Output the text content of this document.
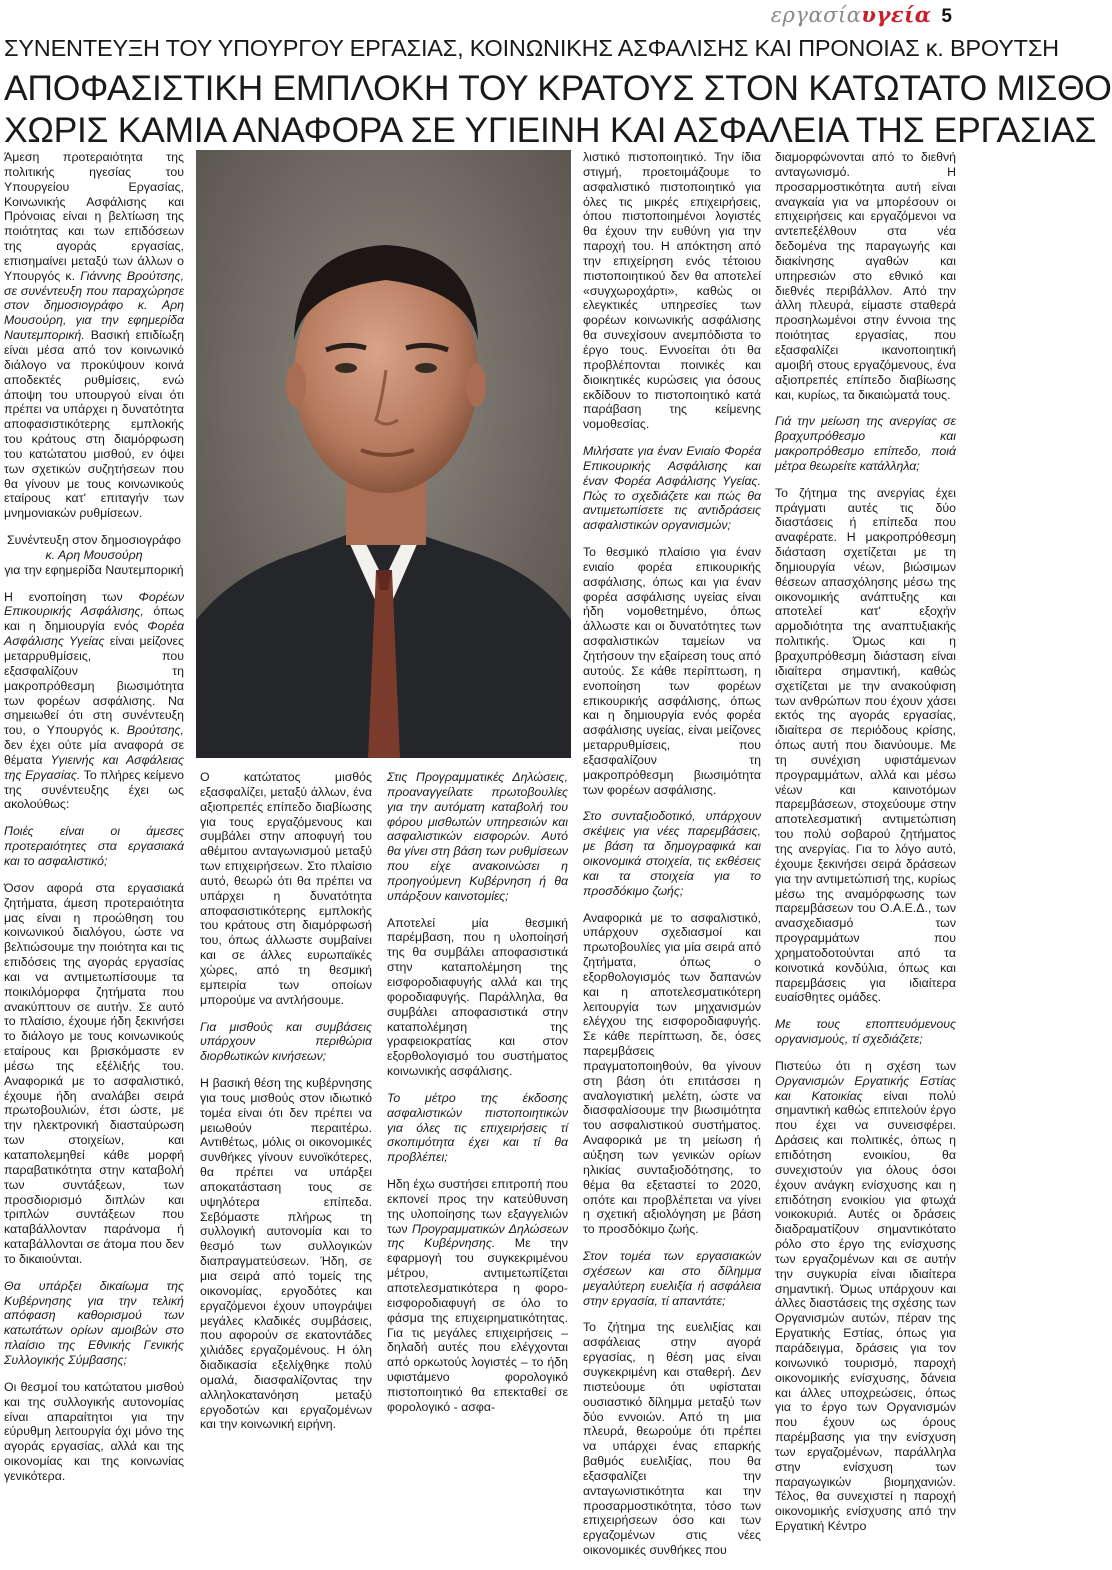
εργασίαυγεία 5
ΣΥΝΕΝΤΕΥΞΗ ΤΟΥ ΥΠΟΥΡΓΟΥ ΕΡΓΑΣΙΑΣ, ΚΟΙΝΩΝΙΚΗΣ ΑΣΦΑΛΙΣΗΣ ΚΑΙ ΠΡΟΝΟΙΑΣ κ. ΒΡΟΥΤΣΗ
ΑΠΟΦΑΣΙΣΤΙΚΗ ΕΜΠΛΟΚΗ ΤΟΥ ΚΡΑΤΟΥΣ ΣΤΟΝ ΚΑΤΩΤΑΤΟ ΜΙΣΘΟ
ΧΩΡΙΣ ΚΑΜΙΑ ΑΝΑΦΟΡΑ ΣΕ ΥΓΙΕΙΝΗ ΚΑΙ ΑΣΦΑΛΕΙΑ ΤΗΣ ΕΡΓΑΣΙΑΣ

Άμεση προτεραιότητα της πολιτικής ηγεσίας του Υπουργείου Εργασίας, Κοινωνικής Ασφάλισης και Πρόνοιας είναι η βελτίωση της ποιότητας και των επιδόσεων της αγοράς εργασίας, επισημαίνει μεταξύ των άλλων ο Υπουργός κ. Γιάννης Βρούτσης, σε συνέντευξη που παραχώρησε στον δημοσιογράφο κ. Αρη Μουσούρη, για την εφημερίδα Ναυτεμπορική. Βασική επιδίωξη είναι μέσα από τον κοινωνικό διάλογο να προκύψουν κοινά αποδεκτές ρυθμίσεις, ενώ άποψη του υπουργού είναι ότι πρέπει να υπάρχει η δυνατότητα αποφασιστικότερης εμπλοκής του κράτους στη διαμόρφωση του κατώτατου μισθού, εν όψει των σχετικών συζητήσεων που θα γίνουν με τους κοινωνικούς εταίρους κατ' επιταγήν των μνημονιακών ρυθμίσεων.

Συνέντευξη στον δημοσιογράφο
κ. Αρη Μουσούρη
για την εφημερίδα Ναυτεμπορική

Η ενοποίηση των Φορέων Επικουρικής Ασφάλισης, όπως και η δημιουργία ενός Φορέα Ασφάλισης Υγείας είναι μείζονες μεταρρυθμίσεις, που εξασφαλίζουν τη μακροπρόθεσμη βιωσιμότητα των φορέων ασφάλισης. Να σημειωθεί ότι στη συνέντευξη του, ο Υπουργός κ. Βρούτσης, δεν έχει ούτε μία αναφορά σε θέματα Υγιεινής και Ασφάλειας της Εργασίας. Το πλήρες κείμενο της συνέντευξης έχει ως ακολούθως:

Ποιές είναι οι άμεσες προτεραιότητες στα εργασιακά και το ασφαλιστικό;

Όσον αφορά στα εργασιακά ζητήματα, άμεση προτεραιότητα μας είναι η προώθηση του κοινωνικού διαλόγου, ώστε να βελτιώσουμε την ποιότητα και τις επιδόσεις της αγοράς εργασίας και να αντιμετωπίσουμε τα ποικιλόμορφα ζητήματα που ανακύπτουν σε αυτήν. Σε αυτό το πλαίσιο, έχουμε ήδη ξεκινήσει το διάλογο με τους κοινωνικούς εταίρους και βρισκόμαστε εν μέσω της εξέλιξής του. Αναφορικά με το ασφαλιστικό, έχουμε ήδη αναλάβει σειρά πρωτοβουλιών, έτσι ώστε, με την ηλεκτρονική διασταύρωση των στοιχείων, και καταπολεμηθεί κάθε μορφή παραβατικότητα στην καταβολή των συντάξεων, των προσδιορισμό διπλών και τριπλών συντάξεων που καταβάλλονταν παράνομα ή καταβάλλονται σε άτομα που δεν το δικαιούνται.

Θα υπάρξει δικαίωμα της Κυβέρνησης για την τελική απόφαση καθορισμού των κατωτάτων ορίων αμοιβών στο πλαίσιο της Εθνικής Γενικής Συλλογικής Σύμβασης;

Οι θεσμοί του κατώτατου μισθού και της συλλογικής αυτονομίας είναι απαραίτητοι για την εύρυθμη λειτουργία όχι μόνο της αγοράς εργασίας, αλλά και της οικονομίας και της κοινωνίας γενικότερα.

Ο κατώτατος μισθός εξασφαλίζει, μεταξύ άλλων, ένα αξιοπρεπές επίπεδο διαβίωσης για τους εργαζόμενους και συμβάλει στην αποφυγή του αθέμιτου ανταγωνισμού μεταξύ των επιχειρήσεων. Στο πλαίσιο αυτό, θεωρώ ότι θα πρέπει να υπάρχει η δυνατότητα αποφασιστικότερης εμπλοκής του κράτους στη διαμόρφωσή του, όπως άλλωστε συμβαίνει και σε άλλες ευρωπαϊκές χώρες, από τη θεσμική εμπειρία των οποίων μπορούμε να αντλήσουμε.

Για μισθούς και συμβάσεις υπάρχουν περιθώρια διορθωτικών κινήσεων;

Η βασική θέση της κυβέρνησης για τους μισθούς στον ιδιωτικό τομέα είναι ότι δεν πρέπει να μειωθούν περαιτέρω. Αντιθέτως, μόλις οι οικονομικές συνθήκες γίνουν ευνοϊκότερες, θα πρέπει να υπάρξει αποκατάσταση τους σε υψηλότερα επίπεδα. Σεβόμαστε πλήρως τη συλλογική αυτονομία και το θεσμό των συλλογικών διαπραγματεύσεων. Ήδη, σε μια σειρά από τομείς της οικονομίας, εργοδότες και εργαζόμενοι έχουν υπογράψει μεγάλες κλαδικές συμβάσεις, που αφορούν σε εκατοντάδες χιλιάδες εργαζομένους. Η όλη διαδικασία εξελίχθηκε πολύ ομαλά, διασφαλίζοντας την αλληλοκατανόηση μεταξύ εργοδοτών και εργαζομένων και την κοινωνική ειρήνη.

Στις Προγραμματικές Δηλώσεις, προαναγγείλατε πρωτοβουλίες για την αυτόματη καταβολή του φόρου μισθωτών υπηρεσιών και ασφαλιστικών εισφορών. Αυτό θα γίνει στη βάση των ρυθμίσεων που είχε ανακοινώσει η προηγούμενη Κυβέρνηση ή θα υπάρξουν καινοτομίες;

Αποτελεί μία θεσμική παρέμβαση, που η υλοποίησή της θα συμβάλει αποφασιστικά στην καταπολέμηση της εισφοροδιαφυγής αλλά και της φοροδιαφυγής. Παράλληλα, θα συμβάλει αποφασιστικά στην καταπολέμηση της γραφειοκρατίας και στον εξορθολογισμό του συστήματος κοινωνικής ασφάλισης.

Το μέτρο της έκδοσης ασφαλιστικών πιστοποιητικών για όλες τις επιχειρήσεις τί σκοπιμότητα έχει και τί θα προβλέπει;

Ηδη έχω συστήσει επιτροπή που εκπονεί προς την κατεύθυνση της υλοποίησης των εξαγγελιών των Προγραμματικών Δηλώσεων της Κυβέρνησης. Με την εφαρμογή του συγκεκριμένου μέτρου, αντιμετωπίζεται αποτελεσματικότερα η φορο-εισφοροδιαφυγή σε όλο το φάσμα της επιχειρηματικότητας. Για τις μεγάλες επιχειρήσεις – δηλαδή αυτές που ελέγχονται από ορκωτούς λογιστές – το ήδη υφιστάμενο φορολογικό πιστοποιητικό θα επεκταθεί σε φορολογικό - ασφα-

λιστικό πιστοποιητικό. Την ίδια στιγμή, προετοιμάζουμε το ασφαλιστικό πιστοποιητικό για όλες τις μικρές επιχειρήσεις, όπου πιστοποιημένοι λογιστές θα έχουν την ευθύνη για την παροχή του. Η απόκτηση από την επιχείρηση ενός τέτοιου πιστοποιητικού δεν θα αποτελεί «συγχωροχάρτι», καθώς οι ελεγκτικές υπηρεσίες των φορέων κοινωνικής ασφάλισης θα συνεχίσουν ανεμπόδιστα το έργο τους. Εννοείται ότι θα προβλέπονται ποινικές και διοικητικές κυρώσεις για όσους εκδίδουν το πιστοποιητικό κατά παράβαση της κείμενης νομοθεσίας.

Μιλήσατε για έναν Ενιαίο Φορέα Επικουρικής Ασφάλισης και έναν Φορέα Ασφάλισης Υγείας. Πώς το σχεδιάζετε και πώς θα αντιμετωπίσετε τις αντιδράσεις ασφαλιστικών οργανισμών;

Το θεσμικό πλαίσιο για έναν ενιαίο φορέα επικουρικής ασφάλισης, όπως και για έναν φορέα ασφάλισης υγείας είναι ήδη νομοθετημένο, όπως άλλωστε και οι δυνατότητες των ασφαλιστικών ταμείων να ζητήσουν την εξαίρεση τους από αυτούς. Σε κάθε περίπτωση, η ενοποίηση των φορέων επικουρικής ασφάλισης, όπως και η δημιουργία ενός φορέα ασφάλισης υγείας, είναι μείζονες μεταρρυθμίσεις, που εξασφαλίζουν τη μακροπρόθεσμη βιωσιμότητα των φορέων ασφάλισης.

Στο συνταξιοδοτικό, υπάρχουν σκέψεις για νέες παρεμβάσεις, με βάση τα δημογραφικά και οικονομικά στοιχεία, τις εκθέσεις και τα στοιχεία για το προσδόκιμο ζωής;

Αναφορικά με το ασφαλιστικό, υπάρχουν σχεδιασμοί και πρωτοβουλίες για μία σειρά από ζητήματα, όπως ο εξορθολογισμός των δαπανών και η αποτελεσματικότερη λειτουργία των μηχανισμών ελέγχου της εισφοροδιαφυγής. Σε κάθε περίπτωση, δε, όσες παρεμβάσεις πραγματοποιηθούν, θα γίνουν στη βάση ότι επιτάσσει η αναλογιστική μελέτη, ώστε να διασφαλίσουμε την βιωσιμότητα του ασφαλιστικού συστήματος. Αναφορικά με τη μείωση ή αύξηση των γενικών ορίων ηλικίας συνταξιοδότησης, το θέμα θα εξεταστεί το 2020, οπότε και προβλέπεται να γίνει η σχετική αξιολόγηση με βάση το προσδόκιμο ζωής.

Στον τομέα των εργασιακών σχέσεων και στο δίλημμα μεγαλύτερη ευελιξία ή ασφάλεια στην εργασία, τί απαντάτε;

Το ζήτημα της ευελιξίας και ασφάλειας στην αγορά εργασίας, η θέση μας είναι συγκεκριμένη και σταθερή. Δεν πιστεύουμε ότι υφίσταται ουσιαστικό δίλημμα μεταξύ των δύο εννοιών. Από τη μια πλευρά, θεωρούμε ότι πρέπει να υπάρχει ένας επαρκής βαθμός ευελιξίας, που θα εξασφαλίζει την ανταγωνιστικότητα και την προσαρμοστικότητα, τόσο των επιχειρήσεων όσο και των εργαζομένων στις νέες οικονομικές συνθήκες που

διαμορφώνονται από το διεθνή ανταγωνισμό. Η προσαρμοστικότητα αυτή είναι αναγκαία για να μπορέσουν οι επιχειρήσεις και εργαζόμενοι να αντεπεξέλθουν στα νέα δεδομένα της παραγωγής και διακίνησης αγαθών και υπηρεσιών στο εθνικό και διεθνές περιβάλλον. Από την άλλη πλευρά, είμαστε σταθερά προσηλωμένοι στην έννοια της ποιότητας εργασίας, που εξασφαλίζει ικανοποιητική αμοιβή στους εργαζόμενους, ένα αξιοπρεπές επίπεδο διαβίωσης και, κυρίως, τα δικαιώματά τους.

Γιά την μείωση της ανεργίας σε βραχυπρόθεσμο και μακροπρόθεσμο επίπεδο, ποιά μέτρα θεωρείτε κατάλληλα;

Το ζήτημα της ανεργίας έχει πράγματι αυτές τις δύο διαστάσεις ή επίπεδα που αναφέρατε. Η μακροπρόθεσμη διάσταση σχετίζεται με τη δημιουργία νέων, βιώσιμων θέσεων απασχόλησης μέσω της οικονομικής ανάπτυξης και αποτελεί κατ' εξοχήν αρμοδιότητα της αναπτυξιακής πολιτικής. Όμως και η βραχυπρόθεσμη διάσταση είναι ιδιαίτερα σημαντική, καθώς σχετίζεται με την ανακούφιση των ανθρώπων που έχουν χάσει εκτός της αγοράς εργασίας, ιδιαίτερα σε περιόδους κρίσης, όπως αυτή που διανύουμε. Με τη συνέχιση υφιστάμενων προγραμμάτων, αλλά και μέσω νέων και καινοτόμων παρεμβάσεων, στοχεύουμε στην αποτελεσματική αντιμετώπιση του πολύ σοβαρού ζητήματος της ανεργίας. Για το λόγο αυτό, έχουμε ξεκινήσει σειρά δράσεων για την αντιμετώπισή της, κυρίως μέσω της αναμόρφωσης των παρεμβάσεων του Ο.Α.Ε.Δ., των ανασχεδιασμό των προγραμμάτων που χρηματοδοτούνται από τα κοινοτικά κονδύλια, όπως και παρεμβάσεις για ιδιαίτερα ευαίσθητες ομάδες.

Με τους εποπτευόμενους οργανισμούς, τί σχεδιάζετε;

Πιστεύω ότι η σχέση των Οργανισμών Εργατικής Εστίας και Κατοικίας είναι πολύ σημαντική καθώς επιτελούν έργο που έχει να συνεισφέρει. Δράσεις και πολιτικές, όπως η επιδότηση ενοικίου, θα συνεχιστούν για όλους όσοι έχουν ανάγκη ενίσχυσης και η επιδότηση ενοικίου για φτωχά νοικοκυριά. Αυτές οι δράσεις διαδραματίζουν σημαντικότατο ρόλο στο έργο της ενίσχυσης των εργαζομένων και σε αυτήν την συγκυρία είναι ιδιαίτερα σημαντική. Όμως υπάρχουν και άλλες διαστάσεις της σχέσης των Οργανισμών αυτών, πέραν της Εργατικής Εστίας, όπως για παράδειγμα, δράσεις για τον κοινωνικό τουρισμό, παροχή οικονομικής ενίσχυσης, δάνεια και άλλες υποχρεώσεις, όπως για το έργο των Οργανισμών που έχουν ως όρους παρέμβασης για την ενίσχυση των εργαζομένων, παράλληλα στην ενίσχυση των παραγωγικών βιομηχανιών. Τέλος, θα συνεχιστεί η παροχή οικονομικής ενίσχυσης από την Εργατική Κέντρο
